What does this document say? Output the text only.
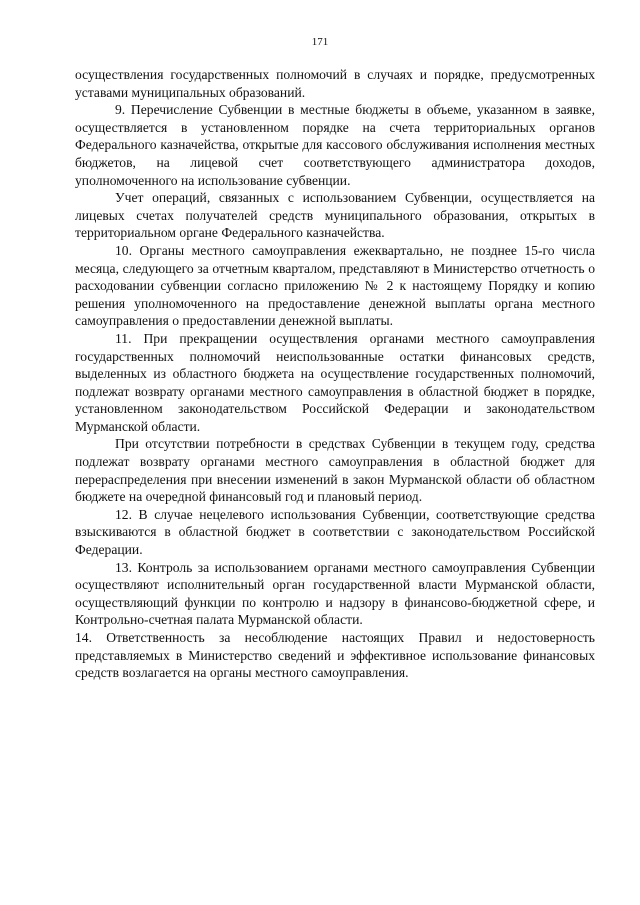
171

осуществления государственных полномочий в случаях и порядке, предусмотренных уставами муниципальных образований.

9. Перечисление Субвенции в местные бюджеты в объеме, указанном в заявке, осуществляется в установленном порядке на счета территориальных органов Федерального казначейства, открытые для кассового обслуживания исполнения местных бюджетов, на лицевой счет соответствующего администратора доходов, уполномоченного на использование субвенции.

Учет операций, связанных с использованием Субвенции, осуществляется на лицевых счетах получателей средств муниципального образования, открытых в территориальном органе Федерального казначейства.

10. Органы местного самоуправления ежеквартально, не позднее 15-го числа месяца, следующего за отчетным кварталом, представляют в Министерство отчетность о расходовании субвенции согласно приложению № 2 к настоящему Порядку и копию решения уполномоченного на предоставление денежной выплаты органа местного самоуправления о предоставлении денежной выплаты.

11. При прекращении осуществления органами местного самоуправления государственных полномочий неиспользованные остатки финансовых средств, выделенных из областного бюджета на осуществление государственных полномочий, подлежат возврату органами местного самоуправления в областной бюджет в порядке, установленном законодательством Российской Федерации и законодательством Мурманской области.

При отсутствии потребности в средствах Субвенции в текущем году, средства подлежат возврату органами местного самоуправления в областной бюджет для перераспределения при внесении изменений в закон Мурманской области об областном бюджете на очередной финансовый год и плановый период.

12. В случае нецелевого использования Субвенции, соответствующие средства взыскиваются в областной бюджет в соответствии с законодательством Российской Федерации.

13. Контроль за использованием органами местного самоуправления Субвенции осуществляют исполнительный орган государственной власти Мурманской области, осуществляющий функции по контролю и надзору в финансово-бюджетной сфере, и Контрольно-счетная палата Мурманской области.

14. Ответственность за несоблюдение настоящих Правил и недостоверность представляемых в Министерство сведений и эффективное использование финансовых средств возлагается на органы местного самоуправления.
